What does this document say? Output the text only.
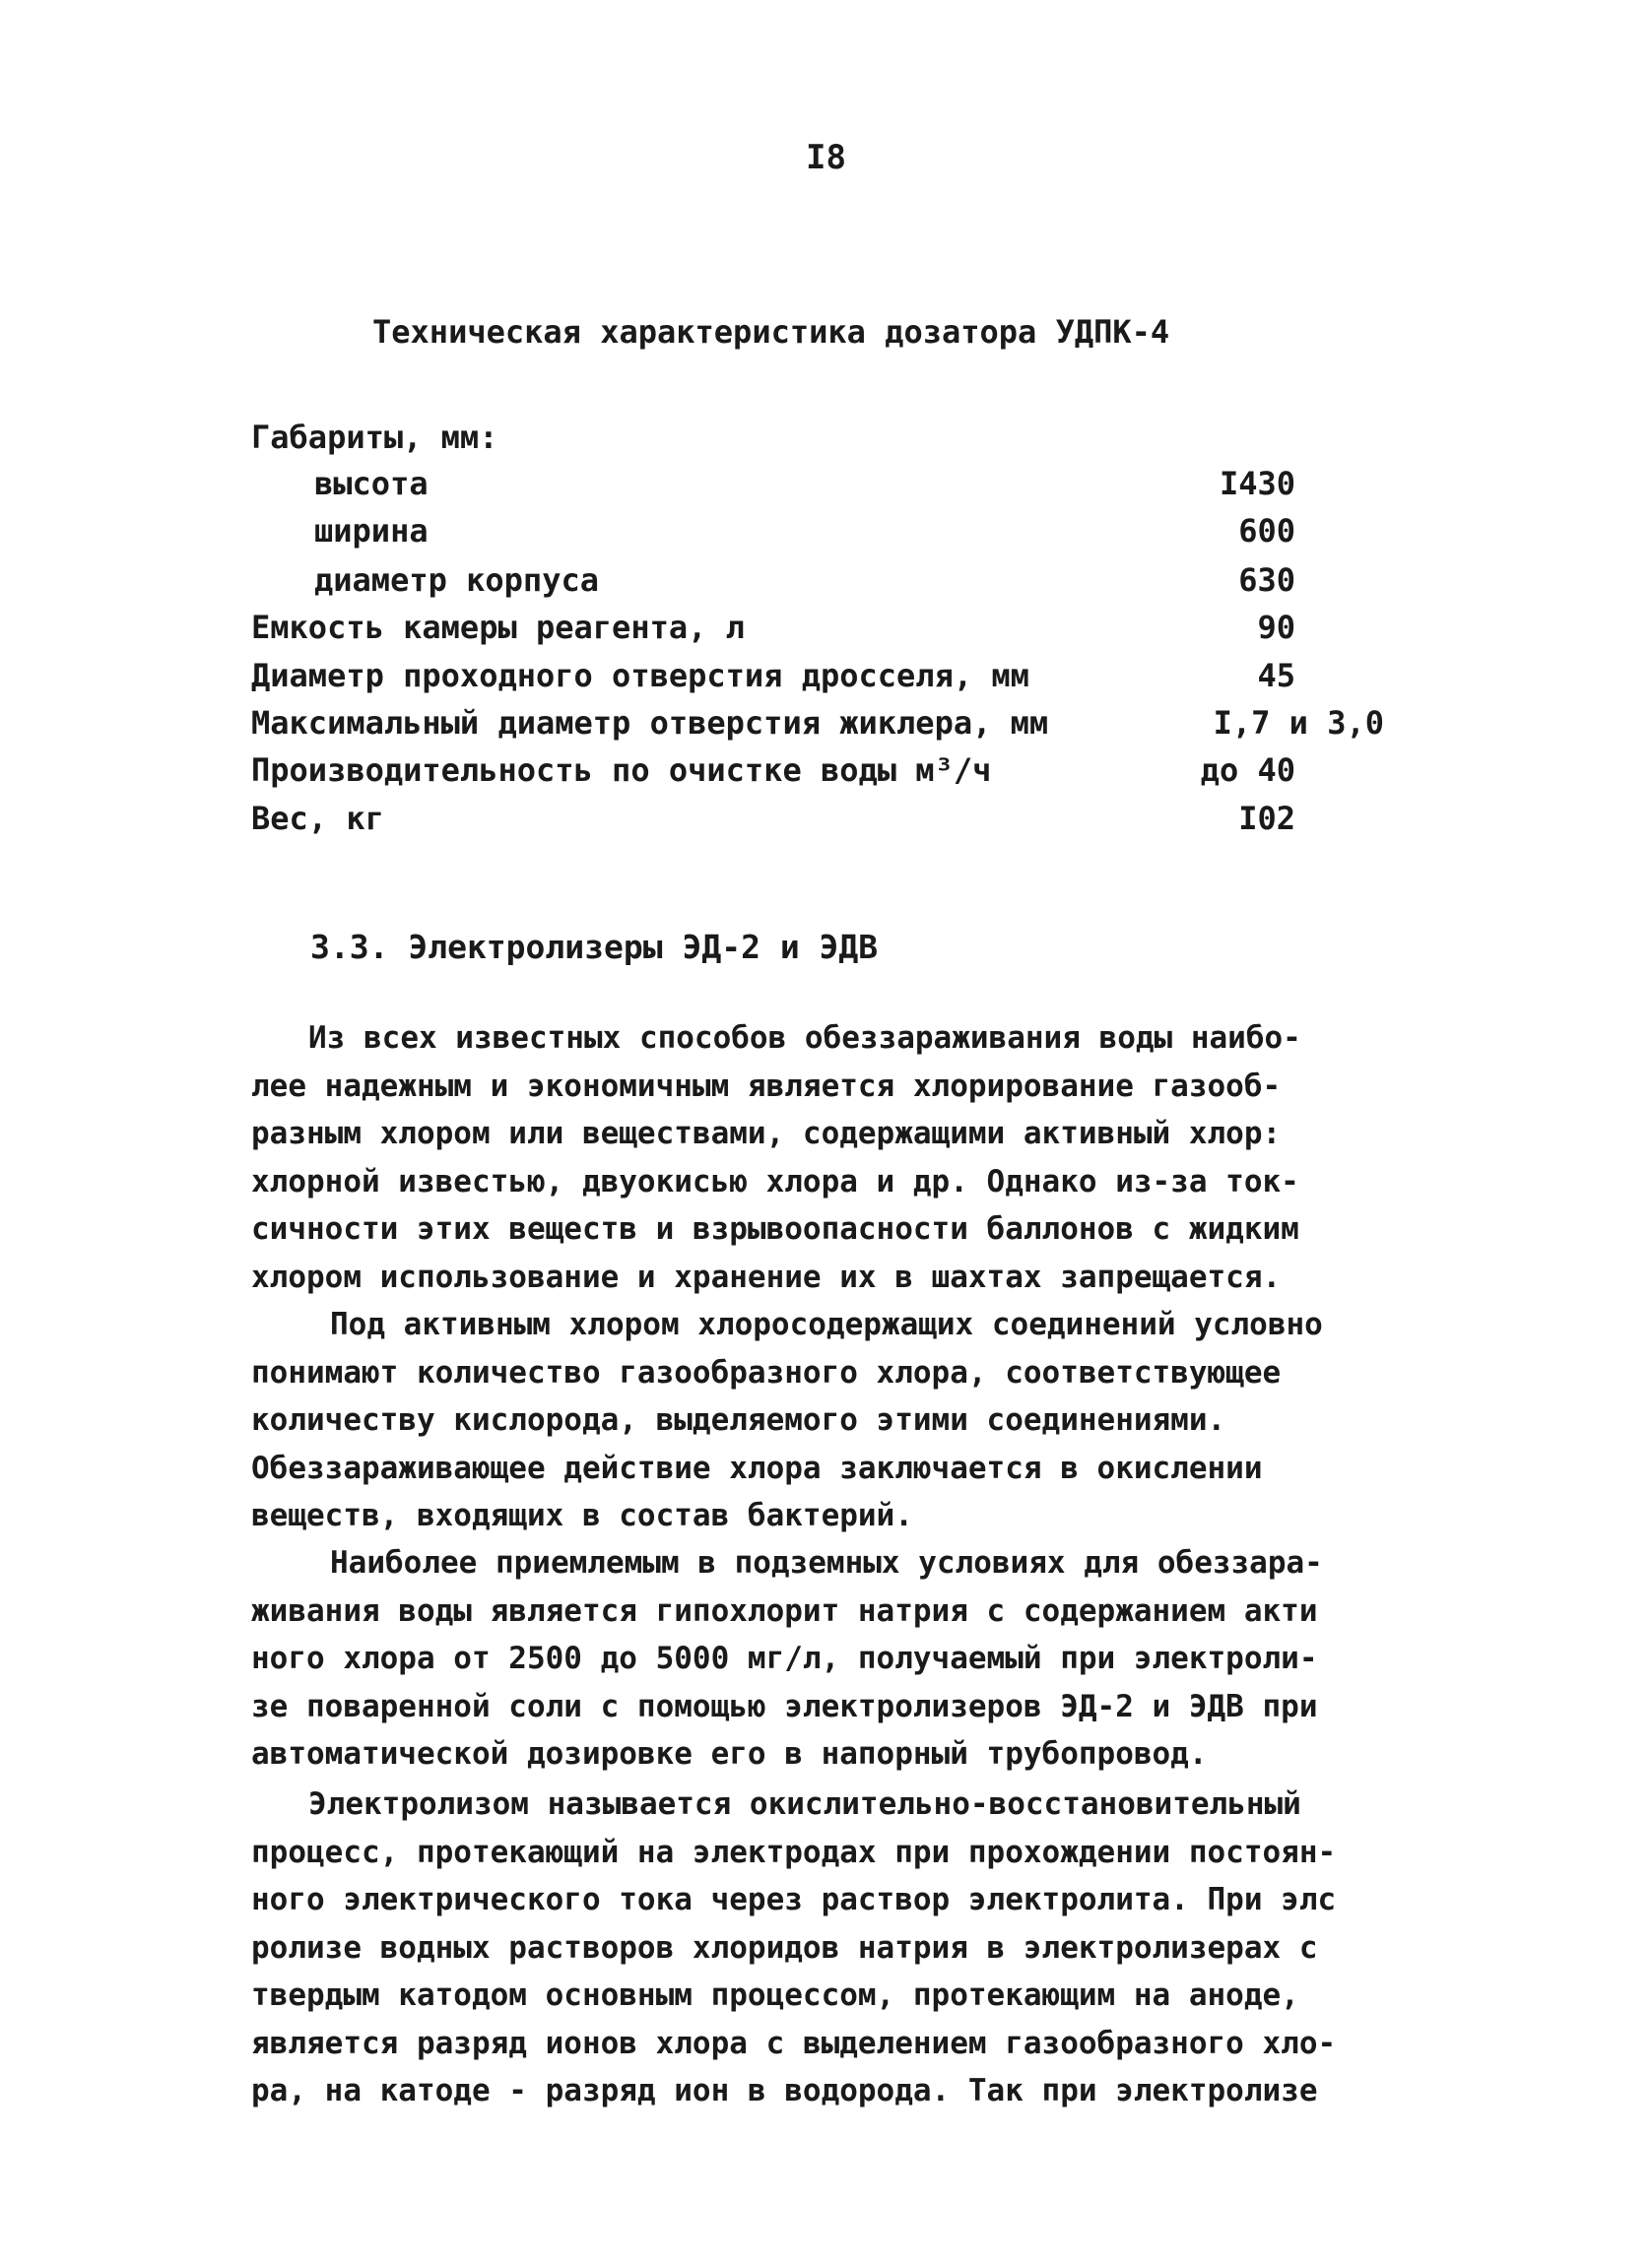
I8
Техническая характеристика дозатора УДПК-4
Габариты, мм:
высота	I430
ширина	600
диаметр корпуса	630
Емкость камеры реагента, л	90
Диаметр проходного отверстия дросселя, мм	45
Максимальный диаметр отверстия жиклера, мм	I,7 и 3,0
Производительность по очистке воды м³/ч	до 40
Вес, кг	I02
3.3. Электролизеры ЭД-2 и ЭДВ
Из всех известных способов обеззараживания воды наибо-
лее надежным и экономичным является хлорирование газооб-
разным хлором или веществами, содержащими активный хлор:
хлорной известью, двуокисью хлора и др. Однако из-за ток-
сичности этих веществ и взрывоопасности баллонов с жидким
хлором использование и хранение их в шахтах запрещается.
Под активным хлором хлоросодержащих соединений условно
понимают количество газообразного хлора, соответствующее
количеству кислорода, выделяемого этими соединениями.
Обеззараживающее действие хлора заключается в окислении
веществ, входящих в состав бактерий.
Наиболее приемлемым в подземных условиях для обеззара-
живания воды является гипохлорит натрия с содержанием акти
ного хлора от 2500 до 5000 мг/л, получаемый при электроли-
зе поваренной соли с помощью электролизеров ЭД-2 и ЭДВ при
автоматической дозировке его в напорный трубопровод.
Электролизом называется окислительно-восстановительный
процесс, протекающий на электродах при прохождении постоян-
ного электрического тока через раствор электролита. При элс
ролизе водных растворов хлоридов натрия в электролизерах с
твердым катодом основным процессом, протекающим на аноде,
является разряд ионов хлора с выделением газообразного хло-
ра, на катоде - разряд ион в водорода. Так при электролизе
